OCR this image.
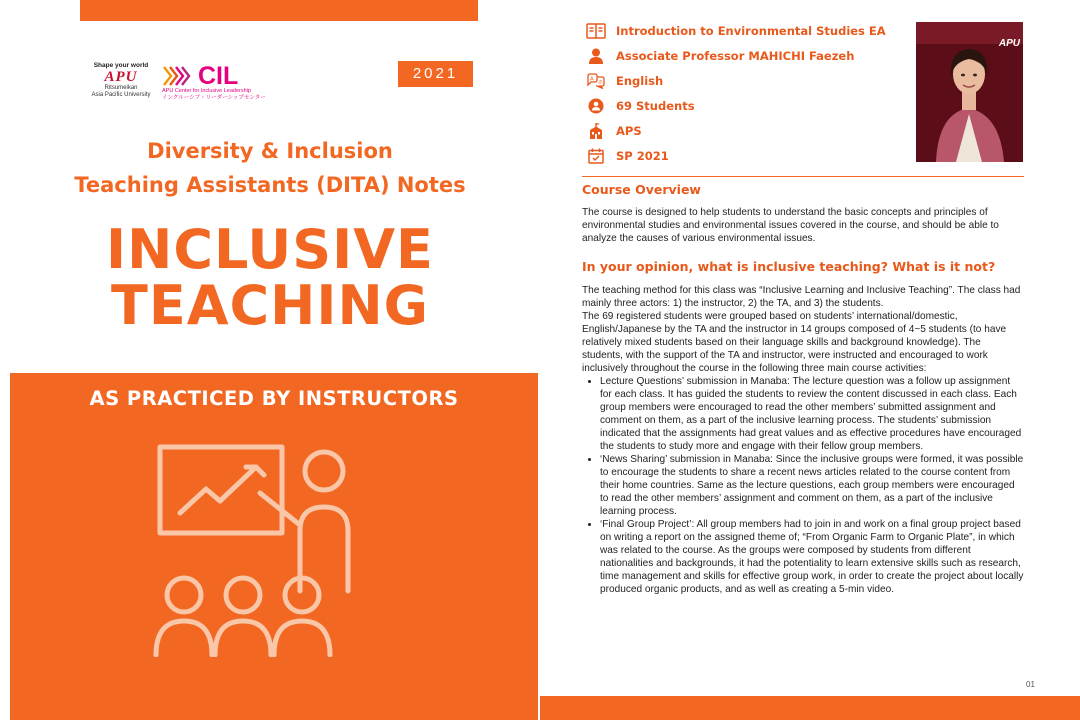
Shape your world
APU
Ritsumeikan
Asia Pacific University
CIL
APU Center for Inclusive Leadership
インクルーシブ・リーダーシップセンター
2021
Diversity & Inclusion
Teaching Assistants (DITA) Notes
INCLUSIVE
TEACHING
AS PRACTICED BY INSTRUCTORS
Introduction to Environmental Studies EA
Associate Professor MAHICHI Faezeh
A
あ English
69 Students
APS
SP 2021
APU
Course Overview
The course is designed to help students to understand the basic concepts and principles of environmental studies and environmental issues covered in the course, and should be able to analyze the causes of various environmental issues.
In your opinion, what is inclusive teaching? What is it not?

The teaching method for this class was “Inclusive Learning and Inclusive Teaching”. The class had mainly three actors: 1) the instructor, 2) the TA, and 3) the students.

The 69 registered students were grouped based on students’ international/domestic, English/Japanese by the TA and the instructor in 14 groups composed of 4~5 students (to have relatively mixed students based on their language skills and background knowledge). The students, with the support of the TA and instructor, were instructed and encouraged to work inclusively throughout the course in the following three main course activities:

• Lecture Questions’ submission in Manaba: The lecture question was a follow up assignment for each class. It has guided the students to review the content discussed in each class. Each group members were encouraged to read the other members’ submitted assignment and comment on them, as a part of the inclusive learning process. The students’ submission indicated that the assignments had great values and as effective procedures have encouraged the students to study more and engage with their fellow group members.
• ‘News Sharing’ submission in Manaba: Since the inclusive groups were formed, it was possible to encourage the students to share a recent news articles related to the course content from their home countries. Same as the lecture questions, each group members were encouraged to read the other members’ assignment and comment on them, as a part of the inclusive learning process.
• ‘Final Group Project’: All group members had to join in and work on a final group project based on writing a report on the assigned theme of; “From Organic Farm to Organic Plate”, in which was related to the course. As the groups were composed by students from different nationalities and backgrounds, it had the potentiality to learn extensive skills such as research, time management and skills for effective group work, in order to create the project about locally produced organic products, and as well as creating a 5-min video.
01
